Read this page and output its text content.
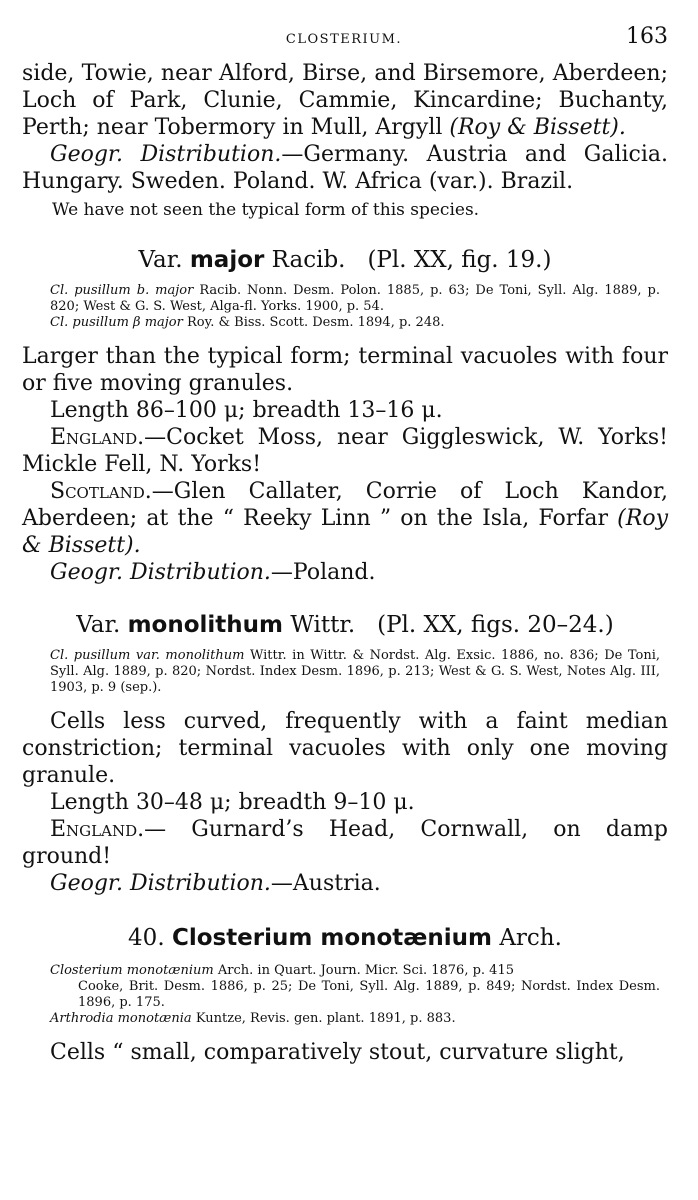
CLOSTERIUM.	163

side, Towie, near Alford, Birse, and Birsemore, Aberdeen; Loch of Park, Clunie, Cammie, Kincardine; Buchanty, Perth; near Tobermory in Mull, Argyll (Roy & Bissett).

Geogr. Distribution.—Germany. Austria and Galicia. Hungary. Sweden. Poland. W. Africa (var.). Brazil.

We have not seen the typical form of this species.

Var. major Racib. (Pl. XX, fig. 19.)
Cl. pusillum b. major Racib. Nonn. Desm. Polon. 1885, p. 63; De Toni, Syll. Alg. 1889, p. 820; West & G. S. West, Alga-fl. Yorks. 1900, p. 54.
Cl. pusillum β major Roy. & Biss. Scott. Desm. 1894, p. 248.

Larger than the typical form; terminal vacuoles with four or five moving granules.

Length 86–100 μ; breadth 13–16 μ.

England.—Cocket Moss, near Giggleswick, W. Yorks! Mickle Fell, N. Yorks!

Scotland.—Glen Callater, Corrie of Loch Kandor, Aberdeen; at the “ Reeky Linn ” on the Isla, Forfar (Roy & Bissett).

Geogr. Distribution.—Poland.

Var. monolithum Wittr. (Pl. XX, figs. 20–24.)
Cl. pusillum var. monolithum Wittr. in Wittr. & Nordst. Alg. Exsic. 1886, no. 836; De Toni, Syll. Alg. 1889, p. 820; Nordst. Index Desm. 1896, p. 213; West & G. S. West, Notes Alg. III, 1903, p. 9 (sep.).

Cells less curved, frequently with a faint median constriction; terminal vacuoles with only one moving granule.

Length 30–48 μ; breadth 9–10 μ.

England.— Gurnard’s Head, Cornwall, on damp ground!

Geogr. Distribution.—Austria.

40. Closterium monotænium Arch.
Closterium monotænium Arch. in Quart. Journ. Micr. Sci. 1876, p. 415
Cooke, Brit. Desm. 1886, p. 25; De Toni, Syll. Alg. 1889, p. 849; Nordst. Index Desm. 1896, p. 175.
Arthrodia monotænia Kuntze, Revis. gen. plant. 1891, p. 883.

Cells “ small, comparatively stout, curvature slight,
